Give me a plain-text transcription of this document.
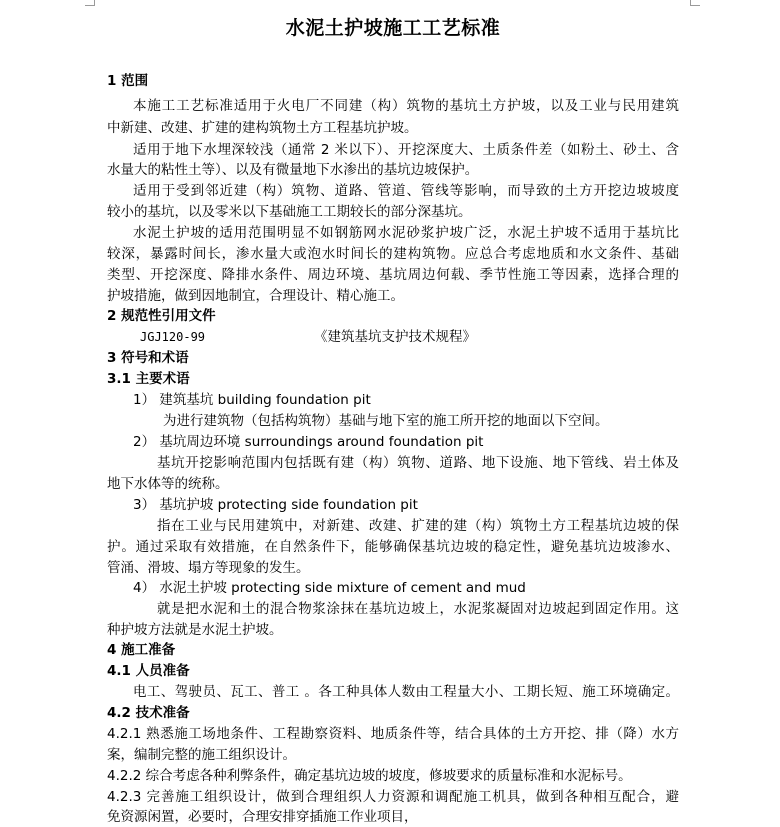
水泥土护坡施工工艺标准
1 范围
本施工工艺标准适用于火电厂不同建（构）筑物的基坑土方护坡，以及工业与民用建筑
中新建、改建、扩建的建构筑物土方工程基坑护坡。
适用于地下水埋深较浅（通常 2 米以下）、开挖深度大、土质条件差（如粉土、砂土、含
水量大的粘性土等）、以及有微量地下水渗出的基坑边坡保护。
适用于受到邻近建（构）筑物、道路、管道、管线等影响，而导致的土方开挖边坡坡度
较小的基坑，以及零米以下基础施工工期较长的部分深基坑。
水泥土护坡的适用范围明显不如钢筋网水泥砂浆护坡广泛，水泥土护坡不适用于基坑比
较深，暴露时间长，渗水量大或泡水时间长的建构筑物。应总合考虑地质和水文条件、基础
类型、开挖深度、降排水条件、周边环境、基坑周边何载、季节性施工等因素，选择合理的
护坡措施，做到因地制宜，合理设计、精心施工。
2 规范性引用文件
JGJ120-99	《建筑基坑支护技术规程》
3 符号和术语
3.1 主要术语
1） 建筑基坑 building foundation pit
为进行建筑物（包括构筑物）基础与地下室的施工所开挖的地面以下空间。
2） 基坑周边环境 surroundings around foundation pit
基坑开挖影响范围内包括既有建（构）筑物、道路、地下设施、地下管线、岩土体及
地下水体等的统称。
3） 基坑护坡 protecting side foundation pit
指在工业与民用建筑中，对新建、改建、扩建的建（构）筑物土方工程基坑边坡的保
护。通过采取有效措施，在自然条件下，能够确保基坑边坡的稳定性，避免基坑边坡渗水、
管涌、滑坡、塌方等现象的发生。
4） 水泥土护坡 protecting side mixture of cement and mud
就是把水泥和土的混合物浆涂抹在基坑边坡上，水泥浆凝固对边坡起到固定作用。这
种护坡方法就是水泥土护坡。
4 施工准备
4.1 人员准备
电工、驾驶员、瓦工、普工 。各工种具体人数由工程量大小、工期长短、施工环境确定。
4.2 技术准备
4.2.1 熟悉施工场地条件、工程勘察资料、地质条件等，结合具体的土方开挖、排（降）水方
案，编制完整的施工组织设计。
4.2.2 综合考虑各种利弊条件，确定基坑边坡的坡度，修坡要求的质量标准和水泥标号。
4.2.3 完善施工组织设计，做到合理组织人力资源和调配施工机具，做到各种相互配合，避
免资源闲置，必要时，合理安排穿插施工作业项目，
